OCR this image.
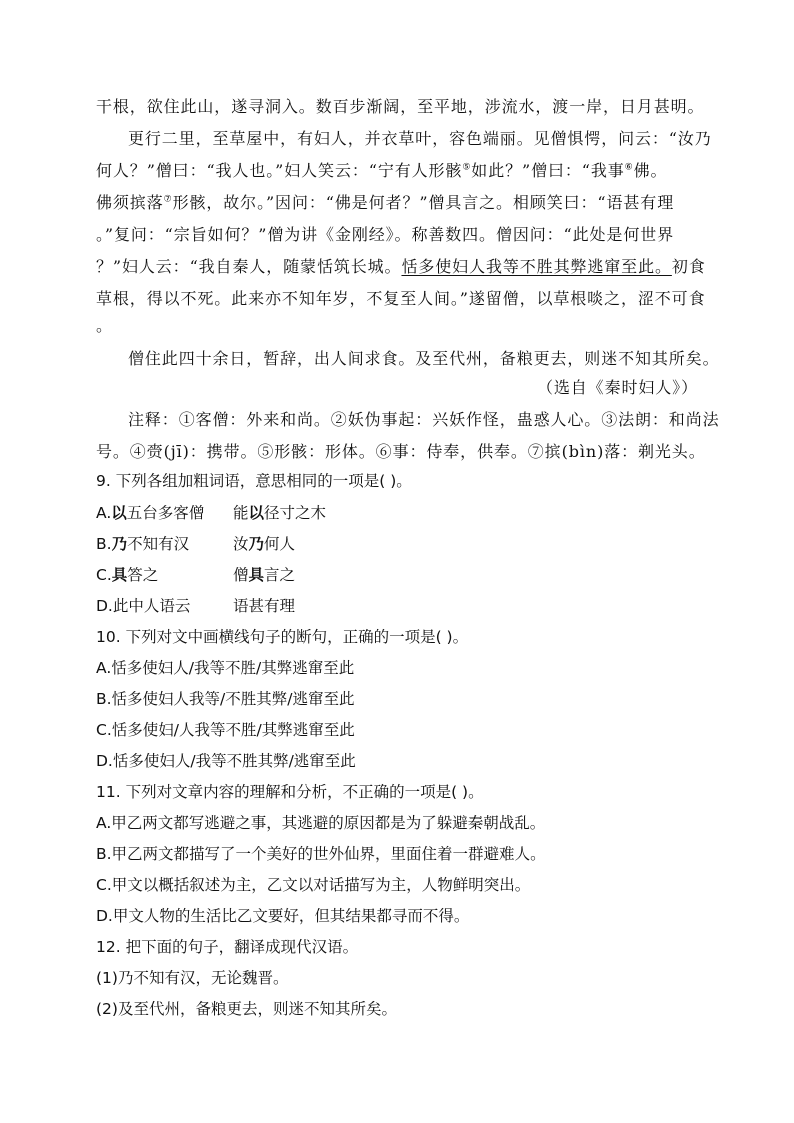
干根，欲住此山，遂寻洞入。数百步渐阔，至平地，涉流水，渡一岸，日月甚明。
更行二里，至草屋中，有妇人，并衣草叶，容色端丽。见僧惧愕，问云：“汝乃
何人？”僧曰：“我人也。”妇人笑云：“宁有人形骸⑤如此？”僧曰：“我事⑥佛。
佛须摈落⑦形骸，故尔。”因问：“佛是何者？”僧具言之。相顾笑曰：“语甚有理
。”复问：“宗旨如何？”僧为讲《金刚经》。称善数四。僧因问：“此处是何世界
？”妇人云：“我自秦人，随蒙恬筑长城。恬多使妇人我等不胜其弊逃窜至此。初食
草根，得以不死。此来亦不知年岁，不复至人间。”遂留僧，以草根啖之，涩不可食
。
僧住此四十余日，暂辞，出人间求食。及至代州，备粮更去，则迷不知其所矣。
（选自《秦时妇人》）
注释：①客僧：外来和尚。②妖伪事起：兴妖作怪，蛊惑人心。③法朗：和尚法
号。④赍(jī)：携带。⑤形骸：形体。⑥事：侍奉，供奉。⑦摈(bìn)落：剃光头。
9. 下列各组加粗词语，意思相同的一项是( )。
A.以五台多客僧 能以径寸之木
B.乃不知有汉	汝乃何人
C.具答之	僧具言之
D.此中人语云	语甚有理
10. 下列对文中画横线句子的断句，正确的一项是( )。
A.恬多使妇人/我等不胜/其弊逃窜至此
B.恬多使妇人我等/不胜其弊/逃窜至此
C.恬多使妇/人我等不胜/其弊逃窜至此
D.恬多使妇人/我等不胜其弊/逃窜至此
11. 下列对文章内容的理解和分析，不正确的一项是( )。
A.甲乙两文都写逃避之事，其逃避的原因都是为了躲避秦朝战乱。
B.甲乙两文都描写了一个美好的世外仙界，里面住着一群避难人。
C.甲文以概括叙述为主，乙文以对话描写为主，人物鲜明突出。
D.甲文人物的生活比乙文要好，但其结果都寻而不得。
12. 把下面的句子，翻译成现代汉语。
(1)乃不知有汉，无论魏晋。
(2)及至代州，备粮更去，则迷不知其所矣。
